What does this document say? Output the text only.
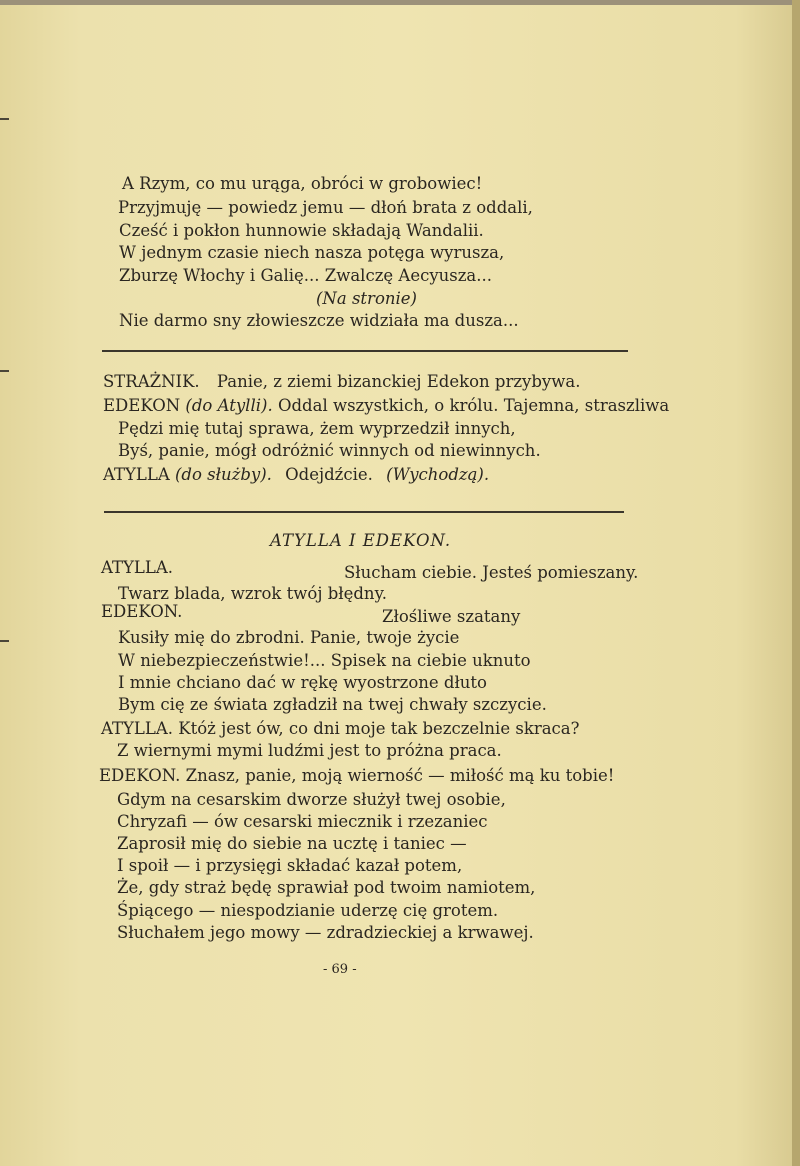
A Rzym, co mu urąga, obróci w grobowiec!
Przyjmuję — powiedz jemu — dłoń brata z oddali,
Cześć i pokłon hunnowie składają Wandalii.
W jednym czasie niech nasza potęga wyrusza,
Zburzę Włochy i Galię... Zwalczę Aecyusza...
(Na stronie)
Nie darmo sny złowieszcze widziała ma dusza...
STRAŻNIK. Panie, z ziemi bizanckiej Edekon przybywa.
EDEKON (do Atylli). Oddal wszystkich, o królu. Tajemna, straszliwa
Pędzi mię tutaj sprawa, żem wyprzedził innych,
Byś, panie, mógł odróżnić winnych od niewinnych.
ATYLLA (do służby). Odejdźcie. (Wychodzą).
ATYLLA I EDEKON.
ATYLLA.	Słucham ciebie. Jesteś pomieszany.
Twarz blada, wzrok twój błędny.
EDEKON.	Złośliwe szatany
Kusiły mię do zbrodni. Panie, twoje życie
W niebezpieczeństwie!... Spisek na ciebie uknuto
I mnie chciano dać w rękę wyostrzone dłuto
Bym cię ze świata zgładził na twej chwały szczycie.
ATYLLA. Któż jest ów, co dni moje tak bezczelnie skraca?
Z wiernymi mymi ludźmi jest to próżna praca.
EDEKON. Znasz, panie, moją wierność — miłość mą ku tobie!
Gdym na cesarskim dworze służył twej osobie,
Chryzafi — ów cesarski miecznik i rzezaniec
Zaprosił mię do siebie na ucztę i taniec —
I spoił — i przysięgi składać kazał potem,
Że, gdy straż będę sprawiał pod twoim namiotem,
Śpiącego — niespodzianie uderzę cię grotem.
Słuchałem jego mowy — zdradzieckiej a krwawej.
- 69 -
